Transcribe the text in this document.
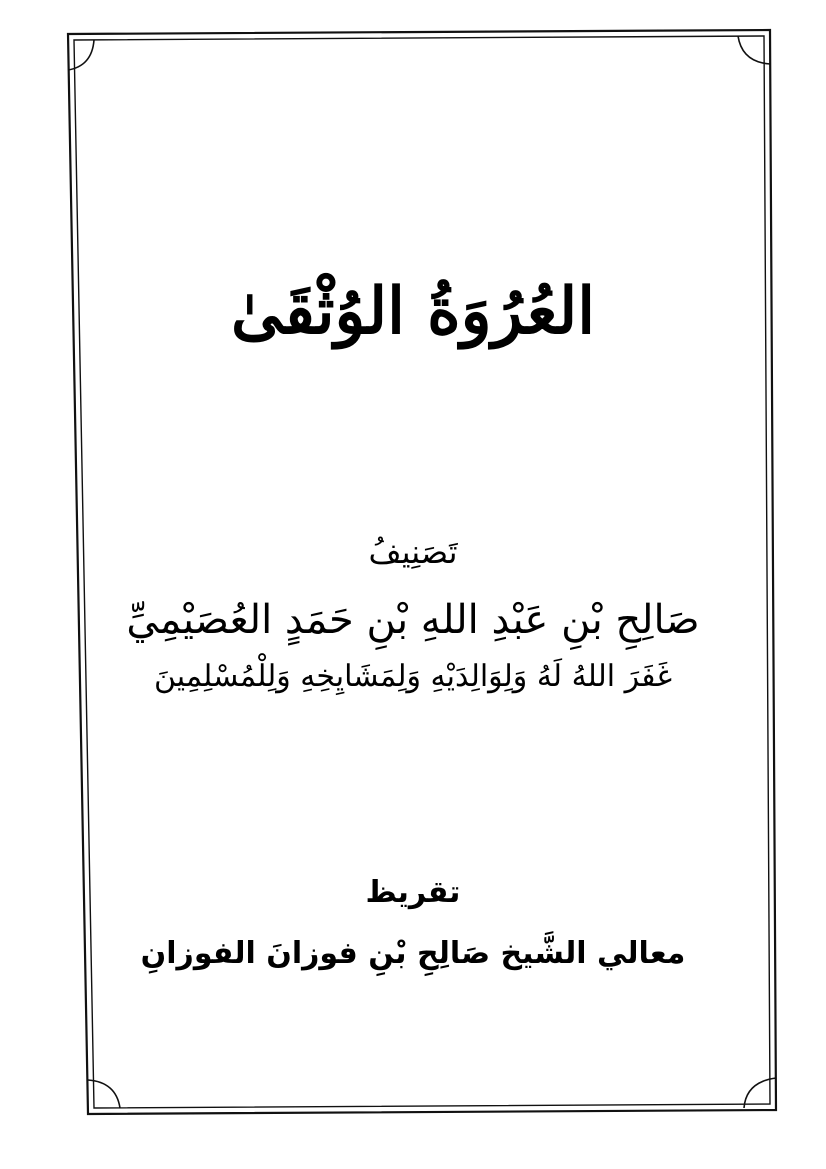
العُرُوَةُ الوُثْقَىٰ
تَصَنِيفُ
صَالِحِ بْنِ عَبْدِ اللهِ بْنِ حَمَدٍ العُصَيْمِيِّ
غَفَرَ اللهُ لَهُ وَلِوَالِدَيْهِ وَلِمَشَايِخِهِ وَلِلْمُسْلِمِينَ
تقريظ
معالي الشَّيخ صَالِحِ بْنِ فوزانَ الفوزانِ
